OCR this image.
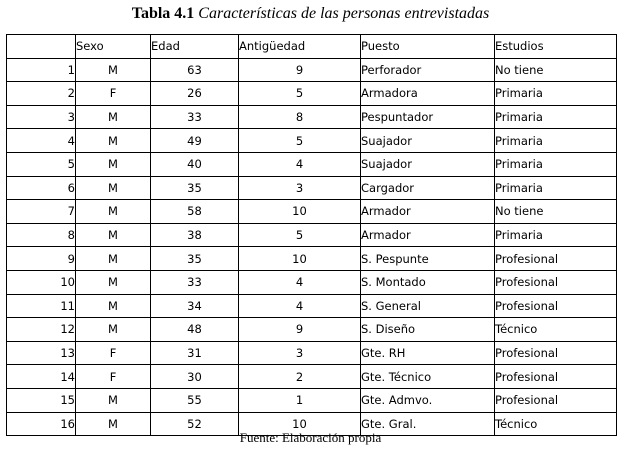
Tabla 4.1 Características de las personas entrevistadas
	Sexo	Edad	Antigüedad	Puesto	Estudios
1	M	63	9	Perforador	No tiene
2	F	26	5	Armadora	Primaria
3	M	33	8	Pespuntador	Primaria
4	M	49	5	Suajador	Primaria
5	M	40	4	Suajador	Primaria
6	M	35	3	Cargador	Primaria
7	M	58	10	Armador	No tiene
8	M	38	5	Armador	Primaria
9	M	35	10	S. Pespunte	Profesional
10	M	33	4	S. Montado	Profesional
11	M	34	4	S. General	Profesional
12	M	48	9	S. Diseño	Técnico
13	F	31	3	Gte. RH	Profesional
14	F	30	2	Gte. Técnico	Profesional
15	M	55	1	Gte. Admvo.	Profesional
16	M	52	10	Gte. Gral.	Técnico
Fuente: Elaboración propia
